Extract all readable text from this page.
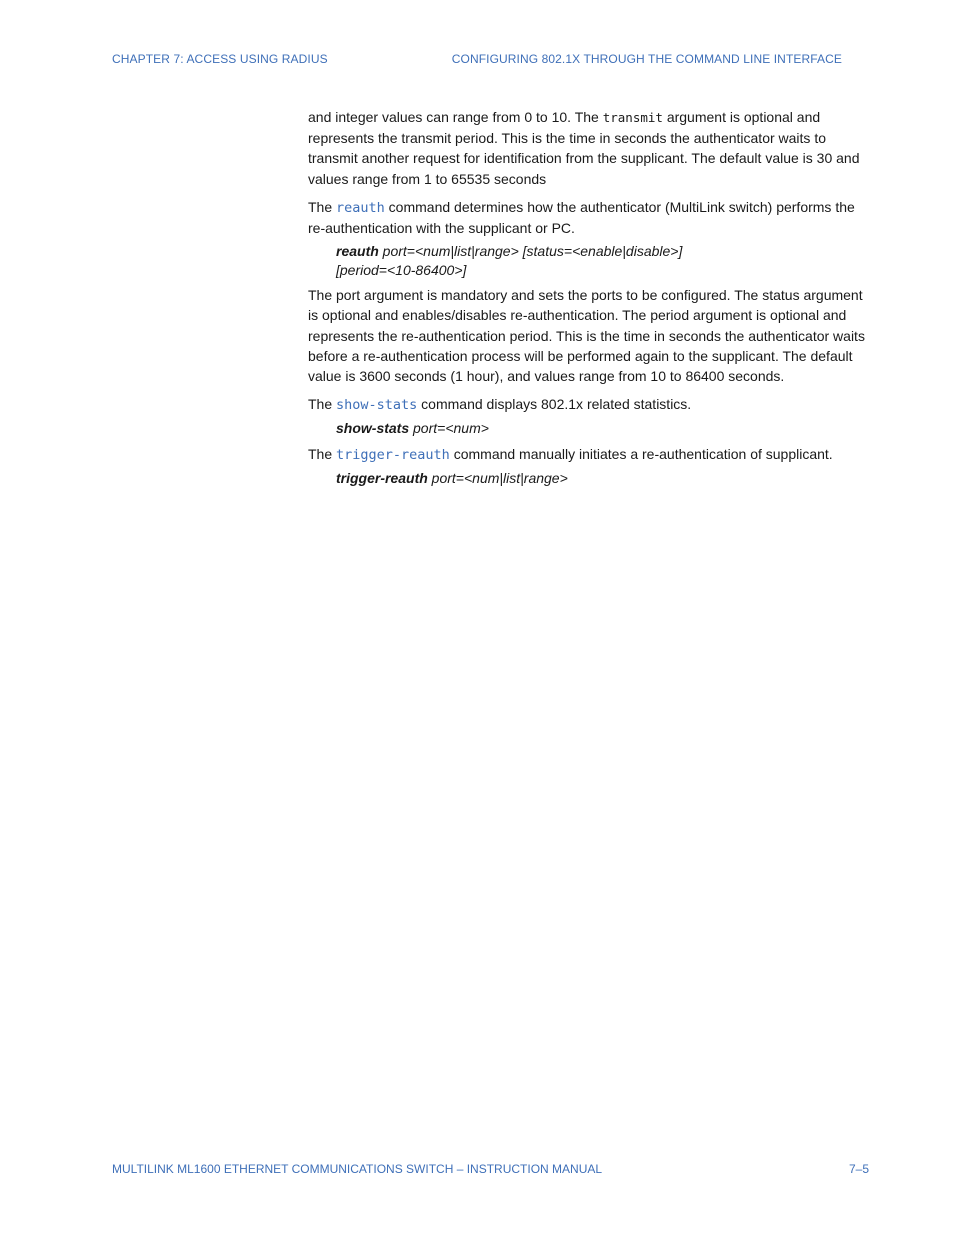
CHAPTER 7: ACCESS USING RADIUS	CONFIGURING 802.1X THROUGH THE COMMAND LINE INTERFACE

and integer values can range from 0 to 10. The transmit argument is optional and represents the transmit period. This is the time in seconds the authenticator waits to transmit another request for identification from the supplicant. The default value is 30 and values range from 1 to 65535 seconds

The reauth command determines how the authenticator (MultiLink switch) performs the re-authentication with the supplicant or PC.

reauth port=<num|list|range> [status=<enable|disable>]
[period=<10-86400>]

The port argument is mandatory and sets the ports to be configured. The status argument is optional and enables/disables re-authentication. The period argument is optional and represents the re-authentication period. This is the time in seconds the authenticator waits before a re-authentication process will be performed again to the supplicant. The default value is 3600 seconds (1 hour), and values range from 10 to 86400 seconds.

The show-stats command displays 802.1x related statistics.

show-stats port=<num>

The trigger-reauth command manually initiates a re-authentication of supplicant.

trigger-reauth port=<num|list|range>
MULTILINK ML1600 ETHERNET COMMUNICATIONS SWITCH – INSTRUCTION MANUAL	7–5
